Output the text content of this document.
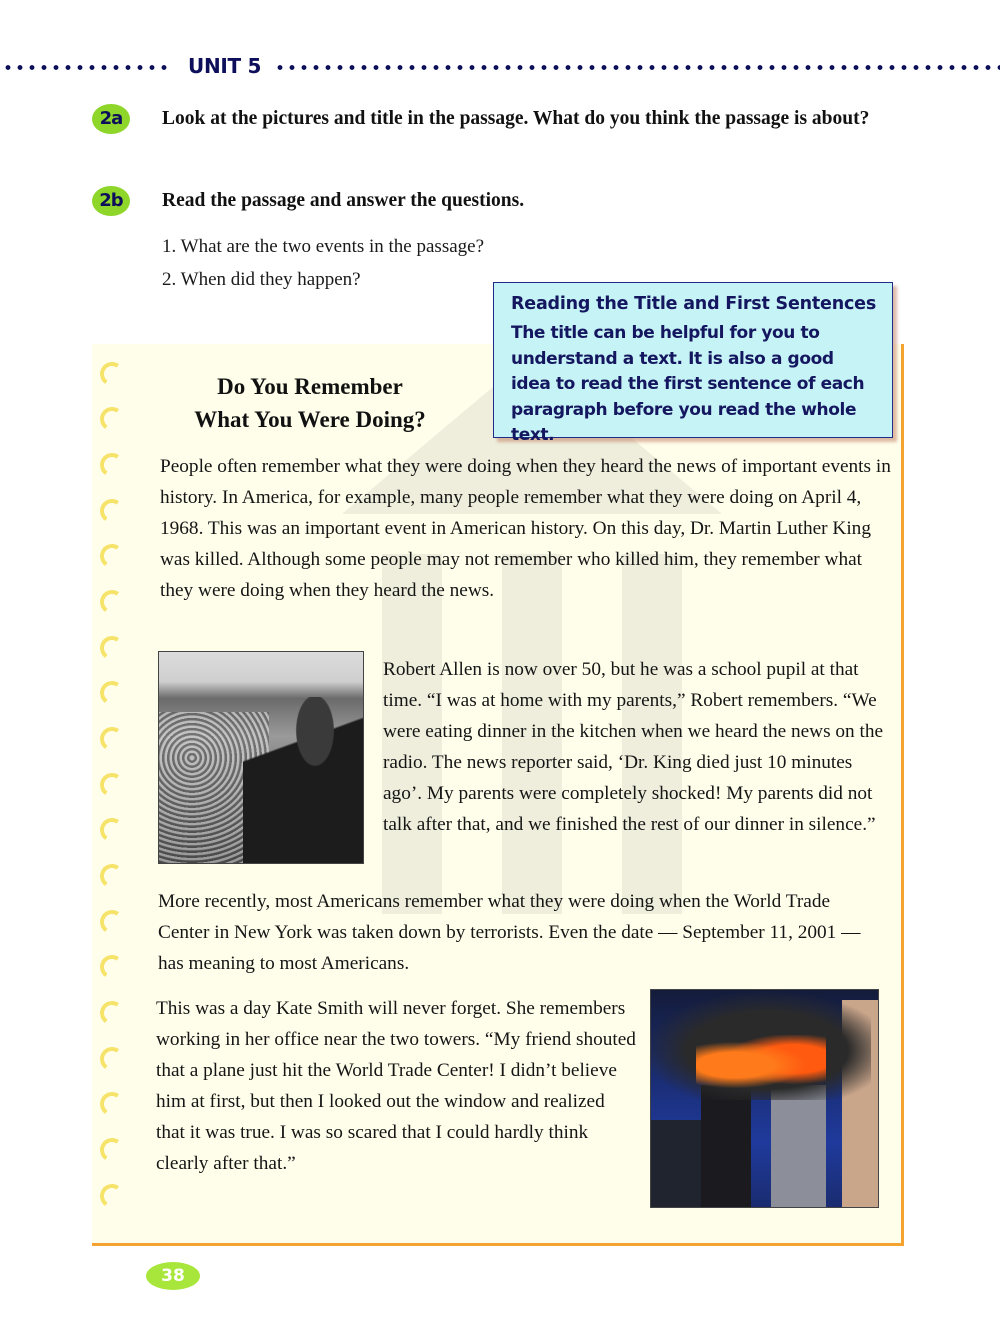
UNIT 5
2a	Look at the pictures and title in the passage. What do you think the passage is about?
2b	Read the passage and answer the questions.
1. What are the two events in the passage?
2. When did they happen?
Reading the Title and First Sentences
The title can be helpful for you to understand a text. It is also a good idea to read the first sentence of each paragraph before you read the whole text.
Do You Remember
What You Were Doing?

People often remember what they were doing when they heard the news of important events in history. In America, for example, many people remember what they were doing on April 4, 1968. This was an important event in American history. On this day, Dr. Martin Luther King was killed. Although some people may not remember who killed him, they remember what they were doing when they heard the news.

Robert Allen is now over 50, but he was a school pupil at that time. “I was at home with my parents,” Robert remembers. “We were eating dinner in the kitchen when we heard the news on the radio. The news reporter said, ‘Dr. King died just 10 minutes ago’. My parents were completely shocked! My parents did not talk after that, and we finished the rest of our dinner in silence.”

More recently, most Americans remember what they were doing when the World Trade Center in New York was taken down by terrorists. Even the date — September 11, 2001 — has meaning to most Americans.

This was a day Kate Smith will never forget. She remembers working in her office near the two towers. “My friend shouted that a plane just hit the World Trade Center! I didn’t believe him at first, but then I looked out the window and realized that it was true. I was so scared that I could hardly think clearly after that.”

38
